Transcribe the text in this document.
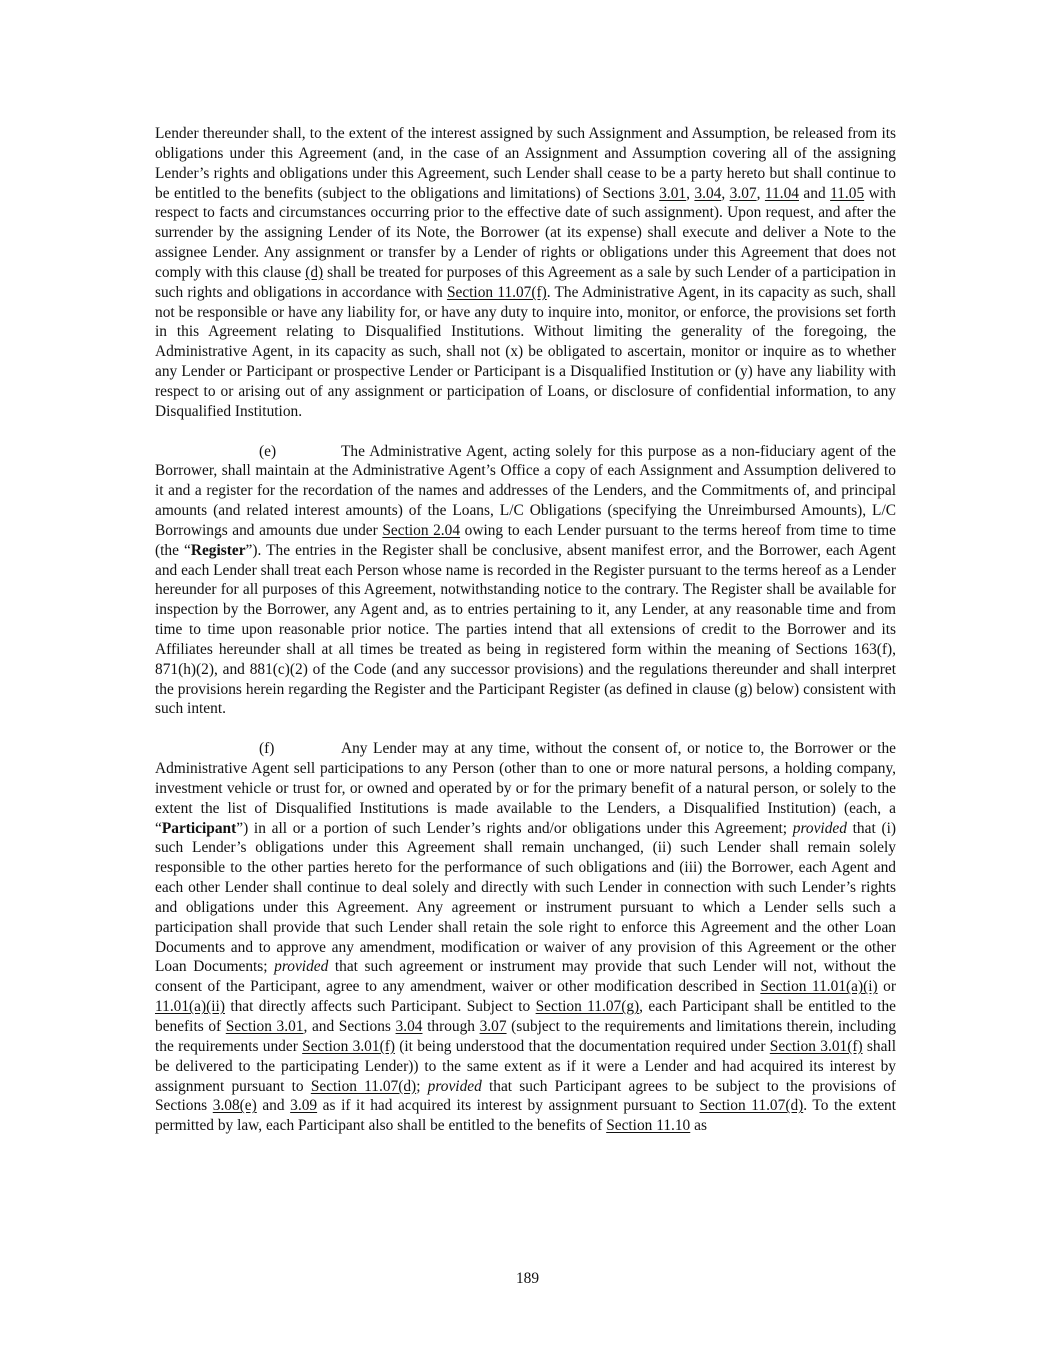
Lender thereunder shall, to the extent of the interest assigned by such Assignment and Assumption, be released from its obligations under this Agreement (and, in the case of an Assignment and Assumption covering all of the assigning Lender’s rights and obligations under this Agreement, such Lender shall cease to be a party hereto but shall continue to be entitled to the benefits (subject to the obligations and limitations) of Sections 3.01, 3.04, 3.07, 11.04 and 11.05 with respect to facts and circumstances occurring prior to the effective date of such assignment). Upon request, and after the surrender by the assigning Lender of its Note, the Borrower (at its expense) shall execute and deliver a Note to the assignee Lender. Any assignment or transfer by a Lender of rights or obligations under this Agreement that does not comply with this clause (d) shall be treated for purposes of this Agreement as a sale by such Lender of a participation in such rights and obligations in accordance with Section 11.07(f). The Administrative Agent, in its capacity as such, shall not be responsible or have any liability for, or have any duty to inquire into, monitor, or enforce, the provisions set forth in this Agreement relating to Disqualified Institutions. Without limiting the generality of the foregoing, the Administrative Agent, in its capacity as such, shall not (x) be obligated to ascertain, monitor or inquire as to whether any Lender or Participant or prospective Lender or Participant is a Disqualified Institution or (y) have any liability with respect to or arising out of any assignment or participation of Loans, or disclosure of confidential information, to any Disqualified Institution.

(e)	The Administrative Agent, acting solely for this purpose as a non-fiduciary agent of the Borrower, shall maintain at the Administrative Agent’s Office a copy of each Assignment and Assumption delivered to it and a register for the recordation of the names and addresses of the Lenders, and the Commitments of, and principal amounts (and related interest amounts) of the Loans, L/C Obligations (specifying the Unreimbursed Amounts), L/C Borrowings and amounts due under Section 2.04 owing to each Lender pursuant to the terms hereof from time to time (the “Register”). The entries in the Register shall be conclusive, absent manifest error, and the Borrower, each Agent and each Lender shall treat each Person whose name is recorded in the Register pursuant to the terms hereof as a Lender hereunder for all purposes of this Agreement, notwithstanding notice to the contrary. The Register shall be available for inspection by the Borrower, any Agent and, as to entries pertaining to it, any Lender, at any reasonable time and from time to time upon reasonable prior notice. The parties intend that all extensions of credit to the Borrower and its Affiliates hereunder shall at all times be treated as being in registered form within the meaning of Sections 163(f), 871(h)(2), and 881(c)(2) of the Code (and any successor provisions) and the regulations thereunder and shall interpret the provisions herein regarding the Register and the Participant Register (as defined in clause (g) below) consistent with such intent.

(f)	Any Lender may at any time, without the consent of, or notice to, the Borrower or the Administrative Agent sell participations to any Person (other than to one or more natural persons, a holding company, investment vehicle or trust for, or owned and operated by or for the primary benefit of a natural person, or solely to the extent the list of Disqualified Institutions is made available to the Lenders, a Disqualified Institution) (each, a “Participant”) in all or a portion of such Lender’s rights and/or obligations under this Agreement; provided that (i) such Lender’s obligations under this Agreement shall remain unchanged, (ii) such Lender shall remain solely responsible to the other parties hereto for the performance of such obligations and (iii) the Borrower, each Agent and each other Lender shall continue to deal solely and directly with such Lender in connection with such Lender’s rights and obligations under this Agreement. Any agreement or instrument pursuant to which a Lender sells such a participation shall provide that such Lender shall retain the sole right to enforce this Agreement and the other Loan Documents and to approve any amendment, modification or waiver of any provision of this Agreement or the other Loan Documents; provided that such agreement or instrument may provide that such Lender will not, without the consent of the Participant, agree to any amendment, waiver or other modification described in Section 11.01(a)(i) or 11.01(a)(ii) that directly affects such Participant. Subject to Section 11.07(g), each Participant shall be entitled to the benefits of Section 3.01, and Sections 3.04 through 3.07 (subject to the requirements and limitations therein, including the requirements under Section 3.01(f) (it being understood that the documentation required under Section 3.01(f) shall be delivered to the participating Lender)) to the same extent as if it were a Lender and had acquired its interest by assignment pursuant to Section 11.07(d); provided that such Participant agrees to be subject to the provisions of Sections 3.08(e) and 3.09 as if it had acquired its interest by assignment pursuant to Section 11.07(d). To the extent permitted by law, each Participant also shall be entitled to the benefits of Section 11.10 as

189
